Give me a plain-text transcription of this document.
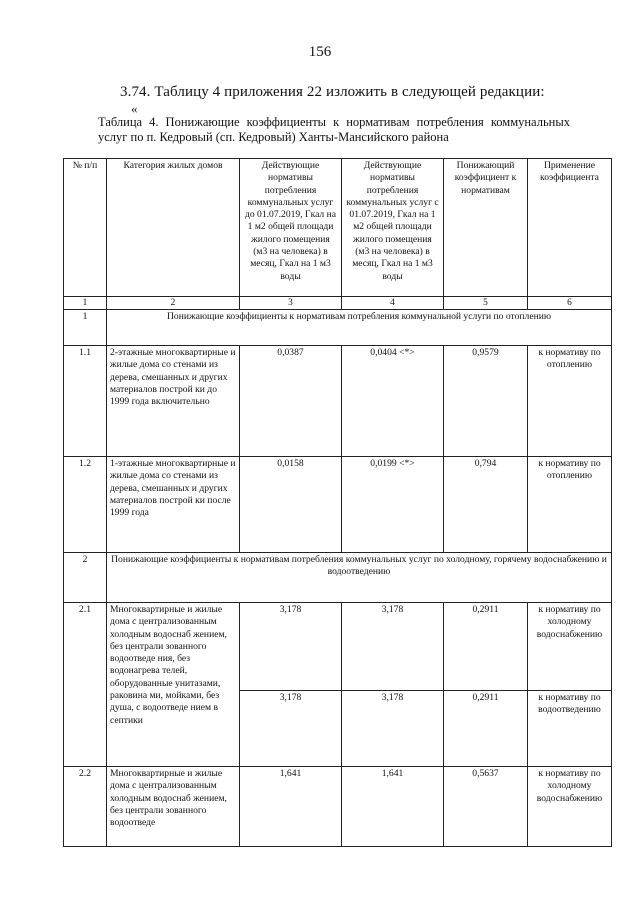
156
3.74. Таблицу 4 приложения 22 изложить в следующей редакции:
«
Таблица 4. Понижающие коэффициенты к нормативам потребления коммунальных услуг по п. Кедровый (сп. Кедровый) Ханты-Мансийского района
№ п/п	Категория жилых домов	Действующие нормативы потребления коммунальных услуг до 01.07.2019, Гкал на 1 м2 общей площади жилого помещения (м3 на человека) в месяц, Гкал на 1 м3 воды	Действующие нормативы потребления коммунальных услуг с 01.07.2019, Гкал на 1 м2 общей площади жилого помещения (м3 на человека) в месяц, Гкал на 1 м3 воды	Понижающий коэффициент к нормативам	Применение коэффициента
1	2	3	4	5	6
1	Понижающие коэффициенты к нормативам потребления коммунальной услуги по отоплению				
1.1	2-этажные многоквартирные и жилые дома со стенами из дерева, смешанных и других материалов построй ки до 1999 года включительно	0,0387	0,0404 <*>	0,9579	к нормативу по отоплению
1.2	1-этажные многоквартирные и жилые дома со стенами из дерева, смешанных и других материалов построй ки после 1999 года	0,0158	0,0199 <*>	0,794	к нормативу по отоплению
2	Понижающие коэффициенты к нормативам потребления коммунальных услуг по холодному, горячему водоснабжению и водоотведению				
2.1	Многоквартирные и жилые дома с централизованным холодным водоснаб жением, без централи зованного водоотведе ния, без водонагрева телей, оборудованные унитазами, раковина ми, мойками, без душа, с водоотведе нием в септики	3,178	3,178	0,2911	к нормативу по холодному водоснабжению
		3,178	3,178	0,2911	к нормативу по водоотведению
2.2	Многоквартирные и жилые дома с централизованным холодным водоснаб жением, без централи зованного водоотведе	1,641	1,641	0,5637	к нормативу по холодному водоснабжению
